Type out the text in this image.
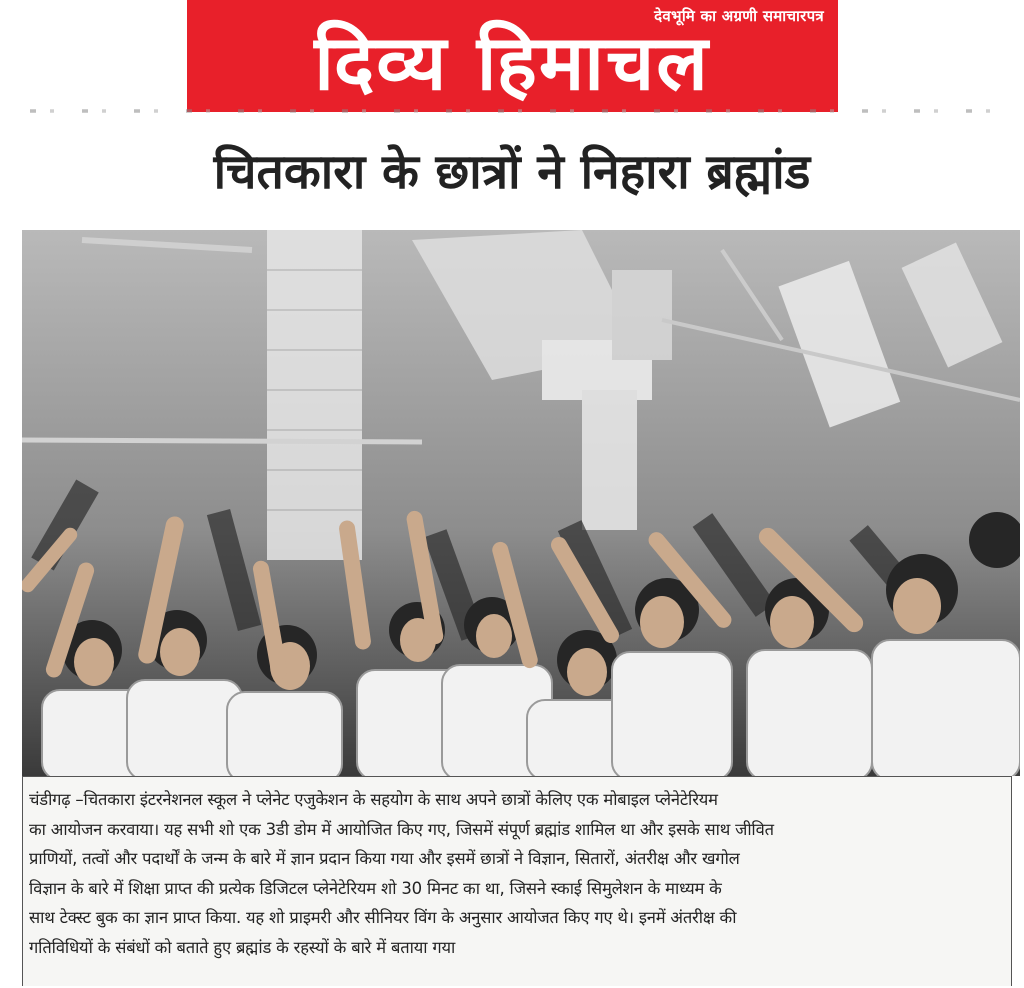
देवभूमि का अग्रणी समाचारपत्र
दिव्य हिमाचल
चितकारा के छात्रों ने निहारा ब्रह्मांड
चंडीगढ़ –चितकारा इंटरनेशनल स्कूल ने प्लेनेट एजुकेशन के सहयोग के साथ अपने छात्रों केलिए एक मोबाइल प्लेनेटेरियम
का आयोजन करवाया। यह सभी शो एक 3डी डोम में आयोजित किए गए, जिसमें संपूर्ण ब्रह्मांड शामिल था और इसके साथ जीवित
प्राणियों, तत्वों और पदार्थों के जन्म के बारे में ज्ञान प्रदान किया गया और इसमें छात्रों ने विज्ञान, सितारों, अंतरीक्ष और खगोल
विज्ञान के बारे में शिक्षा प्राप्त की प्रत्येक डिजिटल प्लेनेटेरियम शो 30 मिनट का था, जिसने स्काई सिमुलेशन के माध्यम के
साथ टेक्स्ट बुक का ज्ञान प्राप्त किया. यह शो प्राइमरी और सीनियर विंग के अनुसार आयोजत किए गए थे। इनमें अंतरीक्ष की
गतिविधियों के संबंधों को बताते हुए ब्रह्मांड के रहस्यों के बारे में बताया गया
